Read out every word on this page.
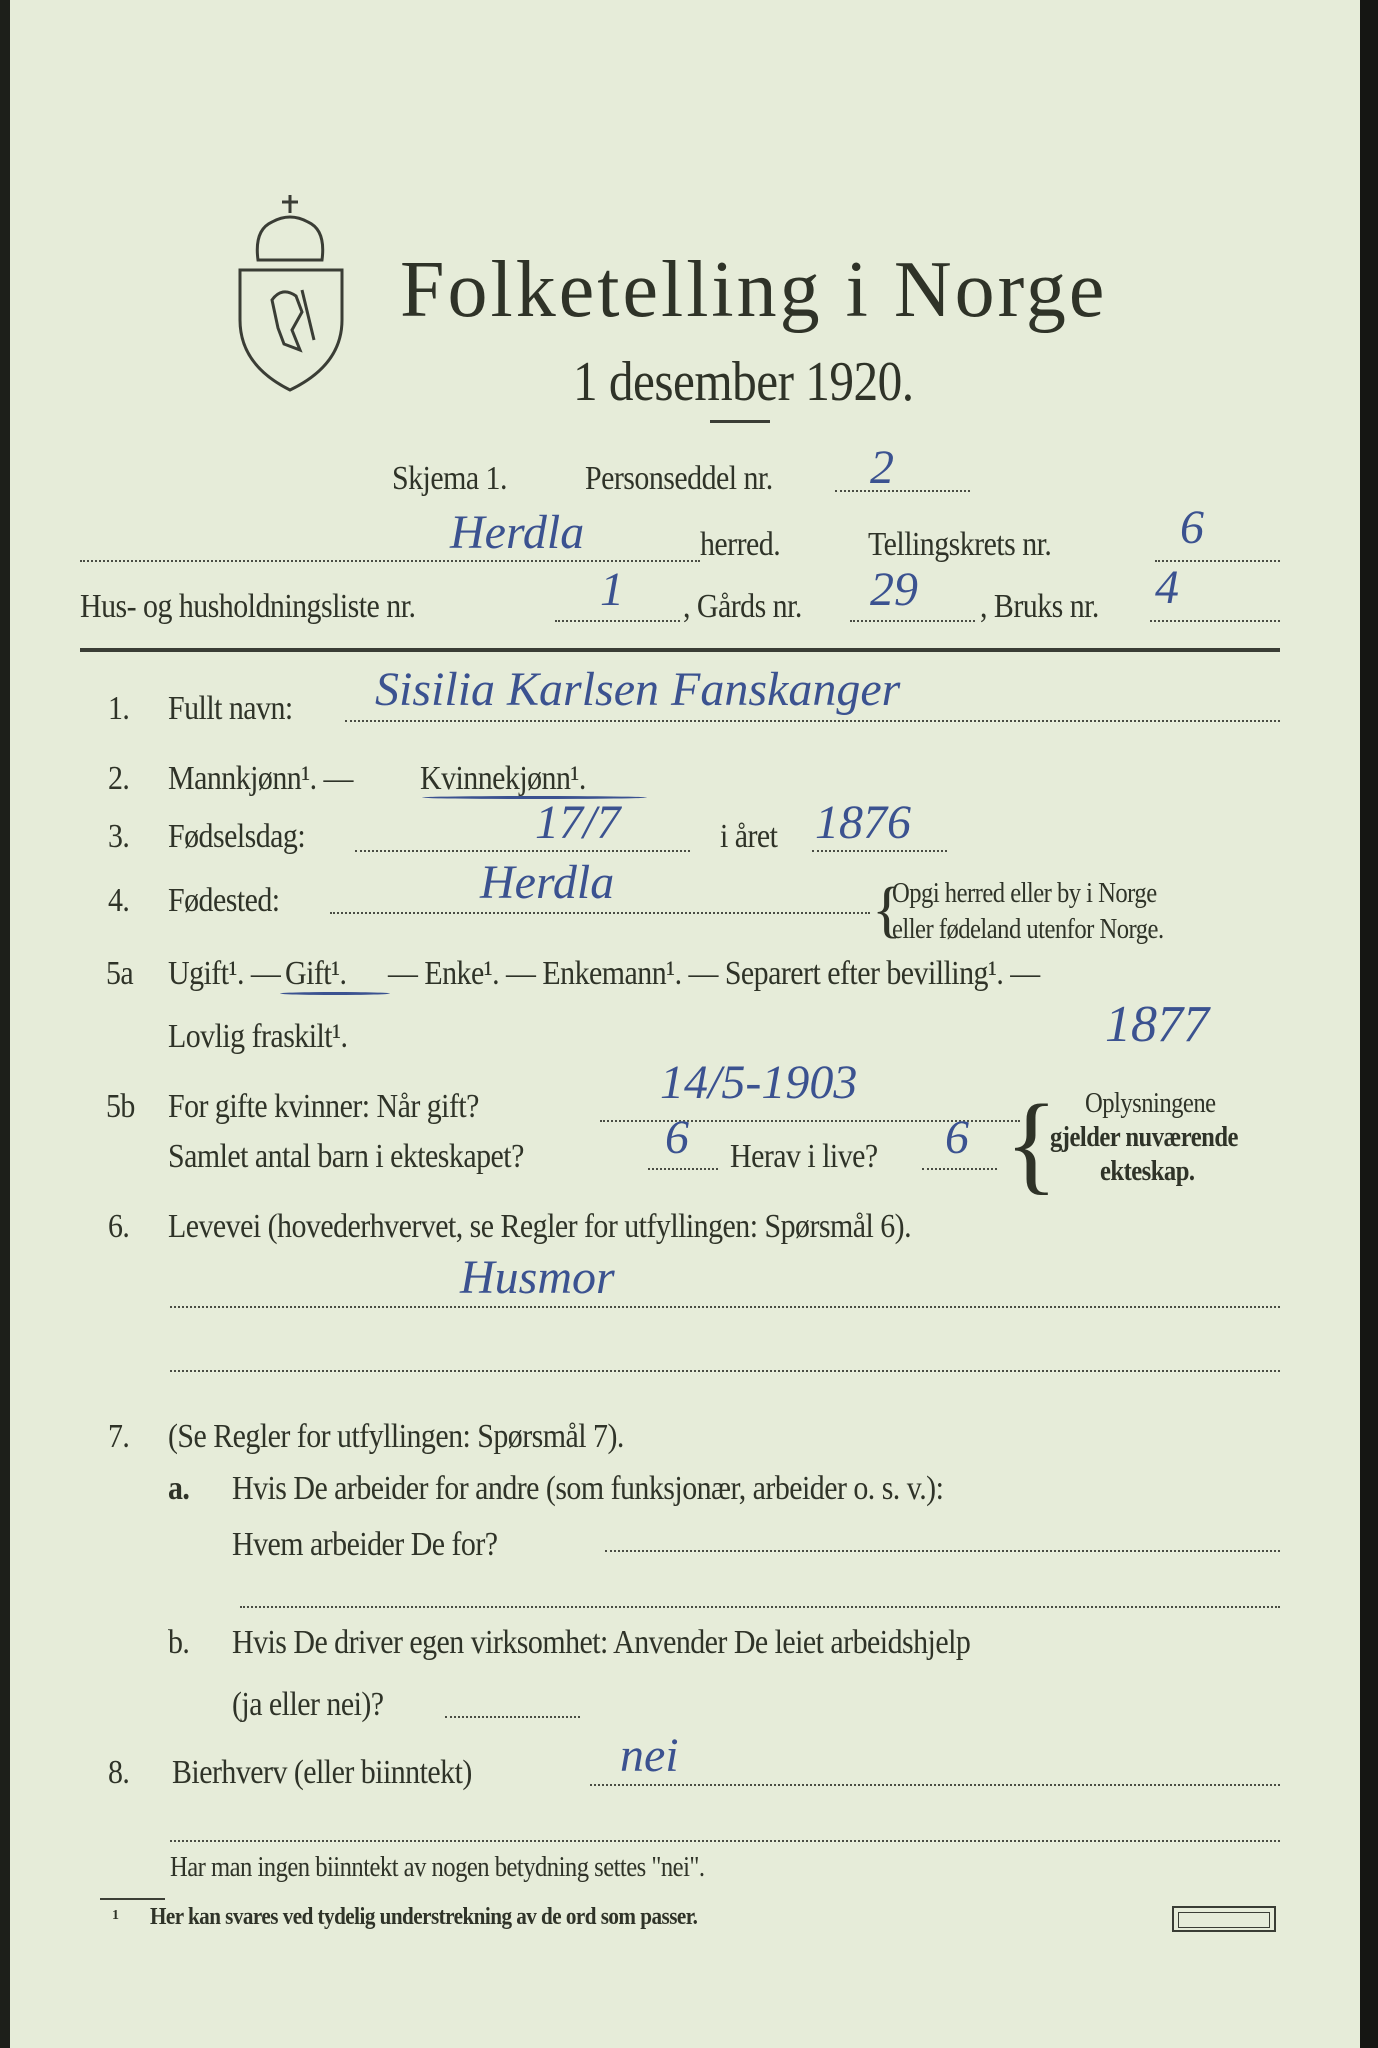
Folketelling i Norge
1 desember 1920.
Skjema 1. Personseddel nr. 2
Herdla	herred.	Tellingskrets nr.	6
Hus- og husholdningsliste nr.	1 , Gårds nr. 29 , Bruks nr. 4
1. Fullt navn: Sisilia Karlsen Fanskanger
2. Mannkjønn¹. — Kvinnekjønn¹.
3. Fødselsdag:	17/7	i året 1876
4. Fødested:	Herdla	{
Opgi herred eller by i Norge
eller fødeland utenfor Norge.
5a Ugift¹. — Gift¹. — Enke¹. — Enkemann¹. — Separert efter bevilling¹. —
Lovlig fraskilt¹.	1877
5b For gifte kvinner: Når gift?	14/5-1903
Samlet antal barn i ekteskapet?	6 Herav i live? 6 { Oplysningene
gjelder nuværende
ekteskap.
6. Levevei (hovederhvervet, se Regler for utfyllingen: Spørsmål 6).
Husmor
7. (Se Regler for utfyllingen: Spørsmål 7).
a. Hvis De arbeider for andre (som funksjonær, arbeider o. s. v.):
Hvem arbeider De for?
b. Hvis De driver egen virksomhet: Anvender De leiet arbeidshjelp
(ja eller nei)?
8. Bierhverv (eller biinntekt)	nei
Har man ingen biinntekt av nogen betydning settes "nei".
1 Her kan svares ved tydelig understrekning av de ord som passer.
